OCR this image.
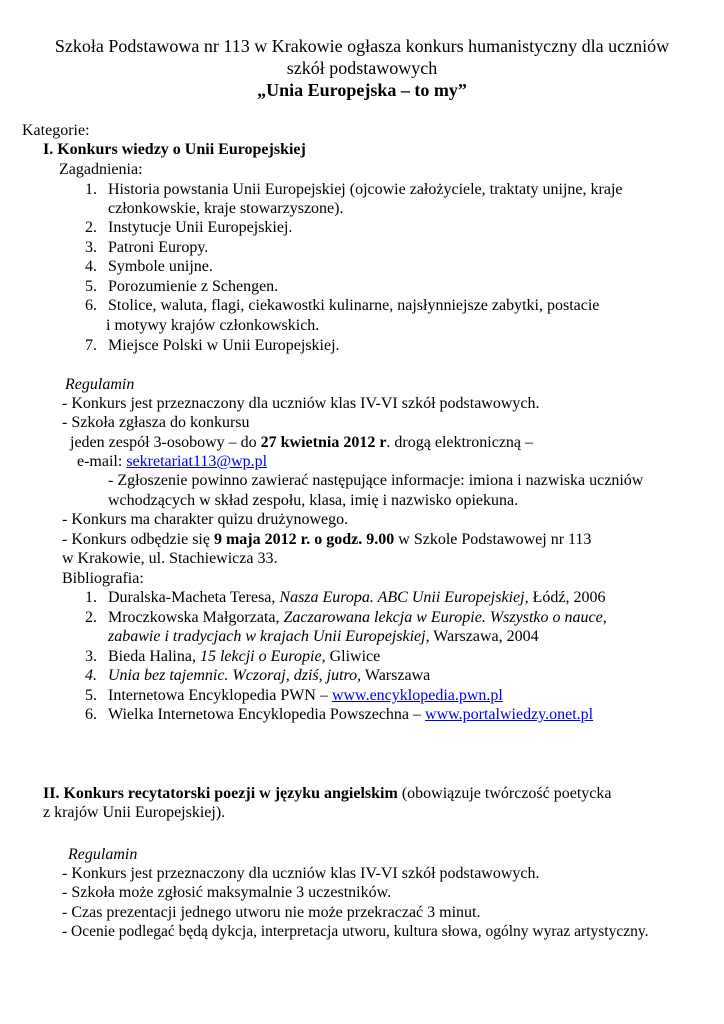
Szkoła Podstawowa nr 113 w Krakowie ogłasza konkurs humanistyczny dla uczniów
szkół podstawowych
„Unia Europejska – to my”
Kategorie:
I. Konkurs wiedzy o Unii Europejskiej
Zagadnienia:
1. Historia powstania Unii Europejskiej (ojcowie założyciele, traktaty unijne, kraje
członkowskie, kraje stowarzyszone).
2. Instytucje Unii Europejskiej.
3. Patroni Europy.
4. Symbole unijne.
5. Porozumienie z Schengen.
6. Stolice, waluta, flagi, ciekawostki kulinarne, najsłynniejsze zabytki, postacie
i motywy krajów członkowskich.
7. Miejsce Polski w Unii Europejskiej.
Regulamin
- Konkurs jest przeznaczony dla uczniów klas IV-VI szkół podstawowych.
- Szkoła zgłasza do konkursu
jeden zespół 3-osobowy – do 27 kwietnia 2012 r. drogą elektroniczną –
e-mail: sekretariat113@wp.pl
- Zgłoszenie powinno zawierać następujące informacje: imiona i nazwiska uczniów
wchodzących w skład zespołu, klasa, imię i nazwisko opiekuna.
- Konkurs ma charakter quizu drużynowego.
- Konkurs odbędzie się 9 maja 2012 r. o godz. 9.00 w Szkole Podstawowej nr 113
w Krakowie, ul. Stachiewicza 33.
Bibliografia:
1. Duralska-Macheta Teresa, Nasza Europa. ABC Unii Europejskiej, Łódź, 2006
2. Mroczkowska Małgorzata, Zaczarowana lekcja w Europie. Wszystko o nauce,
zabawie i tradycjach w krajach Unii Europejskiej, Warszawa, 2004
3. Bieda Halina, 15 lekcji o Europie, Gliwice
4. Unia bez tajemnic. Wczoraj, dziś, jutro, Warszawa
5. Internetowa Encyklopedia PWN – www.encyklopedia.pwn.pl
6. Wielka Internetowa Encyklopedia Powszechna – www.portalwiedzy.onet.pl
II. Konkurs recytatorski poezji w języku angielskim (obowiązuje twórczość poetycka
z krajów Unii Europejskiej).
Regulamin
- Konkurs jest przeznaczony dla uczniów klas IV-VI szkół podstawowych.
- Szkoła może zgłosić maksymalnie 3 uczestników.
- Czas prezentacji jednego utworu nie może przekraczać 3 minut.
- Ocenie podlegać będą dykcja, interpretacja utworu, kultura słowa, ogólny wyraz artystyczny.
